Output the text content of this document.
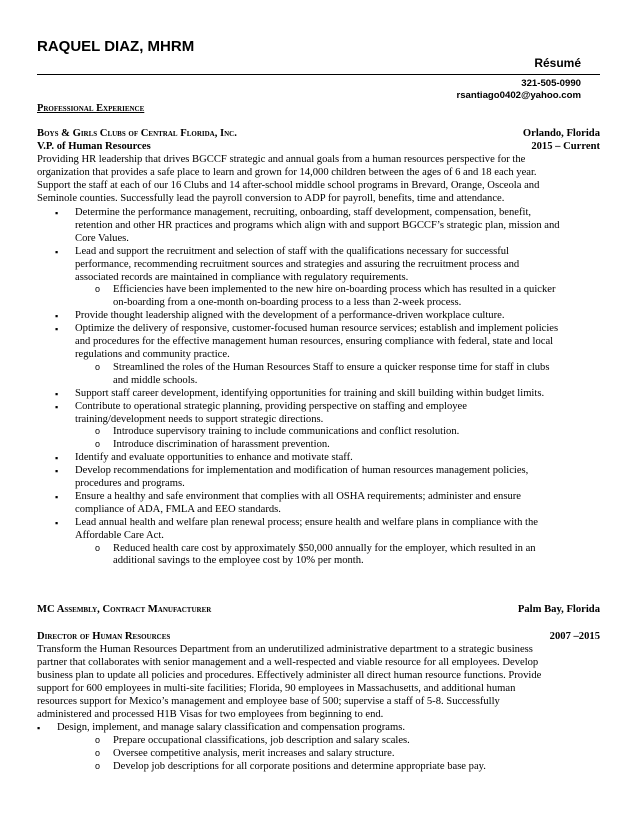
RAQUEL DIAZ, MHRM
Résumé
321-505-0990
rsantiago0402@yahoo.com
Professional Experience
Boys & Girls Clubs of Central Florida, Inc.	Orlando, Florida
V.P. of Human Resources	2015 – Current

Providing HR leadership that drives BGCCF strategic and annual goals from a human resources perspective for the

organization that provides a safe place to learn and grown for 14,000 children between the ages of 6 and 18 each year.

Support the staff at each of our 16 Clubs and 14 after-school middle school programs in Brevard, Orange, Osceola and

Seminole counties. Successfully lead the payroll conversion to ADP for payroll, benefits, time and attendance.

▪ Determine the performance management, recruiting, onboarding, staff development, compensation, benefit,

retention and other HR practices and programs which align with and support BGCCF’s strategic plan, mission and

Core Values.

▪ Lead and support the recruitment and selection of staff with the qualifications necessary for successful

performance, recommending recruitment sources and strategies and assuring the recruitment process and

associated records are maintained in compliance with regulatory requirements.

o Efficiencies have been implemented to the new hire on-boarding process which has resulted in a quicker

on-boarding from a one-month on-boarding process to a less than 2-week process.

▪ Provide thought leadership aligned with the development of a performance-driven workplace culture.

▪ Optimize the delivery of responsive, customer-focused human resource services; establish and implement policies

and procedures for the effective management human resources, ensuring compliance with federal, state and local

regulations and community practice.

o Streamlined the roles of the Human Resources Staff to ensure a quicker response time for staff in clubs

and middle schools.

▪ Support staff career development, identifying opportunities for training and skill building within budget limits.

▪ Contribute to operational strategic planning, providing perspective on staffing and employee

training/development needs to support strategic directions.

o Introduce supervisory training to include communications and conflict resolution.

o Introduce discrimination of harassment prevention.

▪ Identify and evaluate opportunities to enhance and motivate staff.

▪ Develop recommendations for implementation and modification of human resources management policies,

procedures and programs.

▪ Ensure a healthy and safe environment that complies with all OSHA requirements; administer and ensure

compliance of ADA, FMLA and EEO standards.

▪ Lead annual health and welfare plan renewal process; ensure health and welfare plans in compliance with the

Affordable Care Act.

o Reduced health care cost by approximately $50,000 annually for the employer, which resulted in an

additional savings to the employee cost by 10% per month.

MC Assembly, Contract Manufacturer	Palm Bay, Florida
Director of Human Resources	2007 –2015

Transform the Human Resources Department from an underutilized administrative department to a strategic business

partner that collaborates with senior management and a well-respected and viable resource for all employees. Develop

business plan to update all policies and procedures. Effectively administer all direct human resource functions. Provide

support for 600 employees in multi-site facilities; Florida, 90 employees in Massachusetts, and additional human

resources support for Mexico’s management and employee base of 500; supervise a staff of 5-8. Successfully

administered and processed H1B Visas for two employees from beginning to end.

▪ Design, implement, and manage salary classification and compensation programs.

o Prepare occupational classifications, job description and salary scales.

o Oversee competitive analysis, merit increases and salary structure.

o Develop job descriptions for all corporate positions and determine appropriate base pay.
